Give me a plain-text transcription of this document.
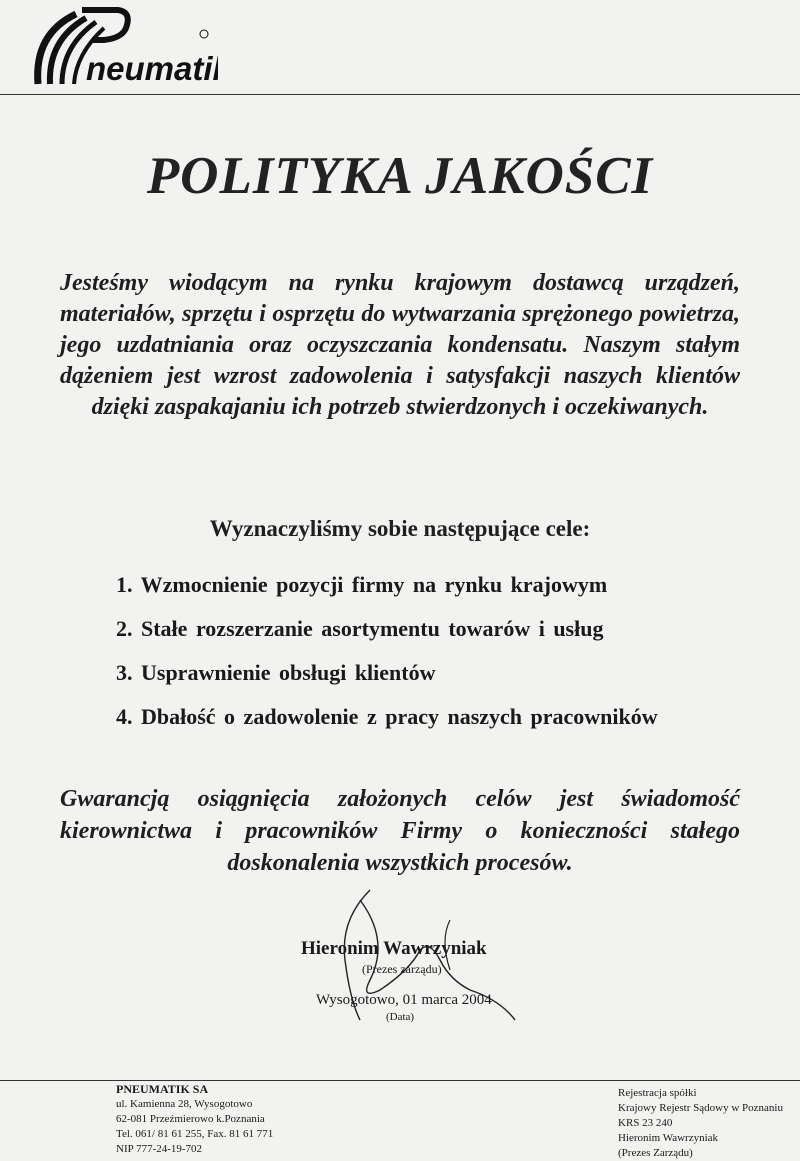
neumatik
POLITYKA JAKOŚCI
Jesteśmy wiodącym na rynku krajowym dostawcą urządzeń, materiałów, sprzętu i osprzętu do wytwarzania sprężonego powietrza, jego uzdatniania oraz oczyszczania kondensatu. Naszym stałym dążeniem jest wzrost zadowolenia i satysfakcji naszych klientów dzięki zaspakajaniu ich potrzeb stwierdzonych i oczekiwanych.
Wyznaczyliśmy sobie następujące cele:
1. Wzmocnienie pozycji firmy na rynku krajowym
2. Stałe rozszerzanie asortymentu towarów i usług
3. Usprawnienie obsługi klientów
4. Dbałość o zadowolenie z pracy naszych pracowników
Gwarancją osiągnięcia założonych celów jest świadomość kierownictwa i pracowników Firmy o konieczności stałego doskonalenia wszystkich procesów.
Hieronim Wawrzyniak
(Prezes zarządu)
Wysogotowo, 01 marca 2004
(Data)
PNEUMATIK SA
ul. Kamienna 28, Wysogotowo
62-081 Przeźmierowo k.Poznania
Tel. 061/ 81 61 255, Fax. 81 61 771
NIP 777-24-19-702
Rejestracja spółki
Krajowy Rejestr Sądowy w Poznaniu
KRS 23 240
Hieronim Wawrzyniak
(Prezes Zarządu)
